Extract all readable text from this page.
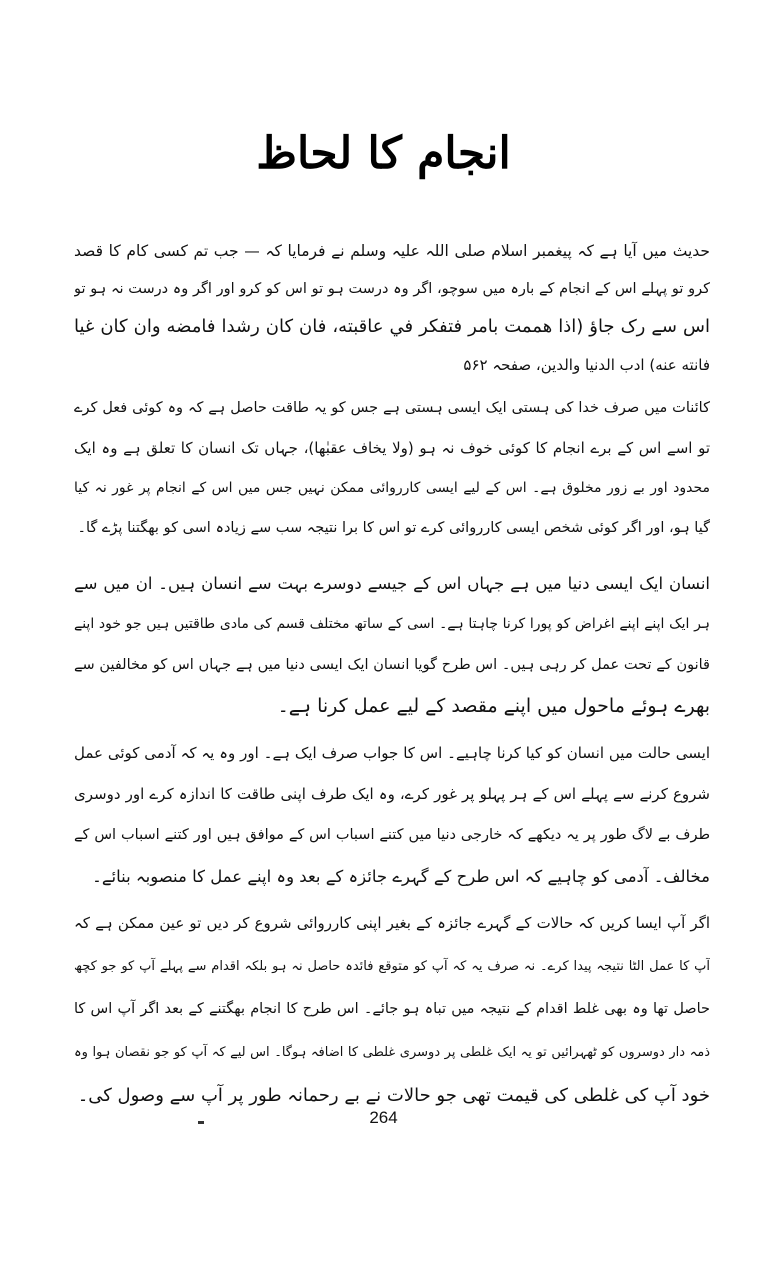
انجام کا لحاظ
حدیث میں آیا ہے کہ پیغمبر اسلام صلی اللہ علیہ وسلم نے فرمایا کہ — جب تم کسی کام کا قصد
کرو تو پہلے اس کے انجام کے بارہ میں سوچو، اگر وہ درست ہو تو اس کو کرو اور اگر وہ درست نہ ہو تو
اس سے رک جاؤ (اذا هممت بامر فتفكر في عاقبته، فان كان رشدا فامضه وان كان غيا
فانته عنه) ادب الدنیا والدین، صفحہ ۵۶۲
کائنات میں صرف خدا کی ہستی ایک ایسی ہستی ہے جس کو یہ طاقت حاصل ہے کہ وہ کوئی فعل کرے
تو اسے اس کے برے انجام کا کوئی خوف نہ ہو (ولا یخاف عقبٰھا)، جہاں تک انسان کا تعلق ہے وہ ایک
محدود اور بے زور مخلوق ہے۔ اس کے لیے ایسی کارروائی ممکن نہیں جس میں اس کے انجام پر غور نہ کیا
گیا ہو، اور اگر کوئی شخص ایسی کارروائی کرے تو اس کا برا نتیجہ سب سے زیادہ اسی کو بھگتنا پڑے گا۔
انسان ایک ایسی دنیا میں ہے جہاں اس کے جیسے دوسرے بہت سے انسان ہیں۔ ان میں سے
ہر ایک اپنے اپنے اغراض کو پورا کرنا چاہتا ہے۔ اسی کے ساتھ مختلف قسم کی مادی طاقتیں ہیں جو خود اپنے
قانون کے تحت عمل کر رہی ہیں۔ اس طرح گویا انسان ایک ایسی دنیا میں ہے جہاں اس کو مخالفین سے
بھرے ہوئے ماحول میں اپنے مقصد کے لیے عمل کرنا ہے۔
ایسی حالت میں انسان کو کیا کرنا چاہیے۔ اس کا جواب صرف ایک ہے۔ اور وہ یہ کہ آدمی کوئی عمل
شروع کرنے سے پہلے اس کے ہر پہلو پر غور کرے، وہ ایک طرف اپنی طاقت کا اندازہ کرے اور دوسری
طرف بے لاگ طور پر یہ دیکھے کہ خارجی دنیا میں کتنے اسباب اس کے موافق ہیں اور کتنے اسباب اس کے
مخالف۔ آدمی کو چاہیے کہ اس طرح کے گہرے جائزہ کے بعد وہ اپنے عمل کا منصوبہ بنائے۔
اگر آپ ایسا کریں کہ حالات کے گہرے جائزہ کے بغیر اپنی کارروائی شروع کر دیں تو عین ممکن ہے کہ
آپ کا عمل الٹا نتیجہ پیدا کرے۔ نہ صرف یہ کہ آپ کو متوقع فائدہ حاصل نہ ہو بلکہ اقدام سے پہلے آپ کو جو کچھ
حاصل تھا وہ بھی غلط اقدام کے نتیجہ میں تباہ ہو جائے۔ اس طرح کا انجام بھگتنے کے بعد اگر آپ اس کا
ذمہ دار دوسروں کو ٹھہرائیں تو یہ ایک غلطی پر دوسری غلطی کا اضافہ ہوگا۔ اس لیے کہ آپ کو جو نقصان ہوا وہ
خود آپ کی غلطی کی قیمت تھی جو حالات نے بے رحمانہ طور پر آپ سے وصول کی۔
264
